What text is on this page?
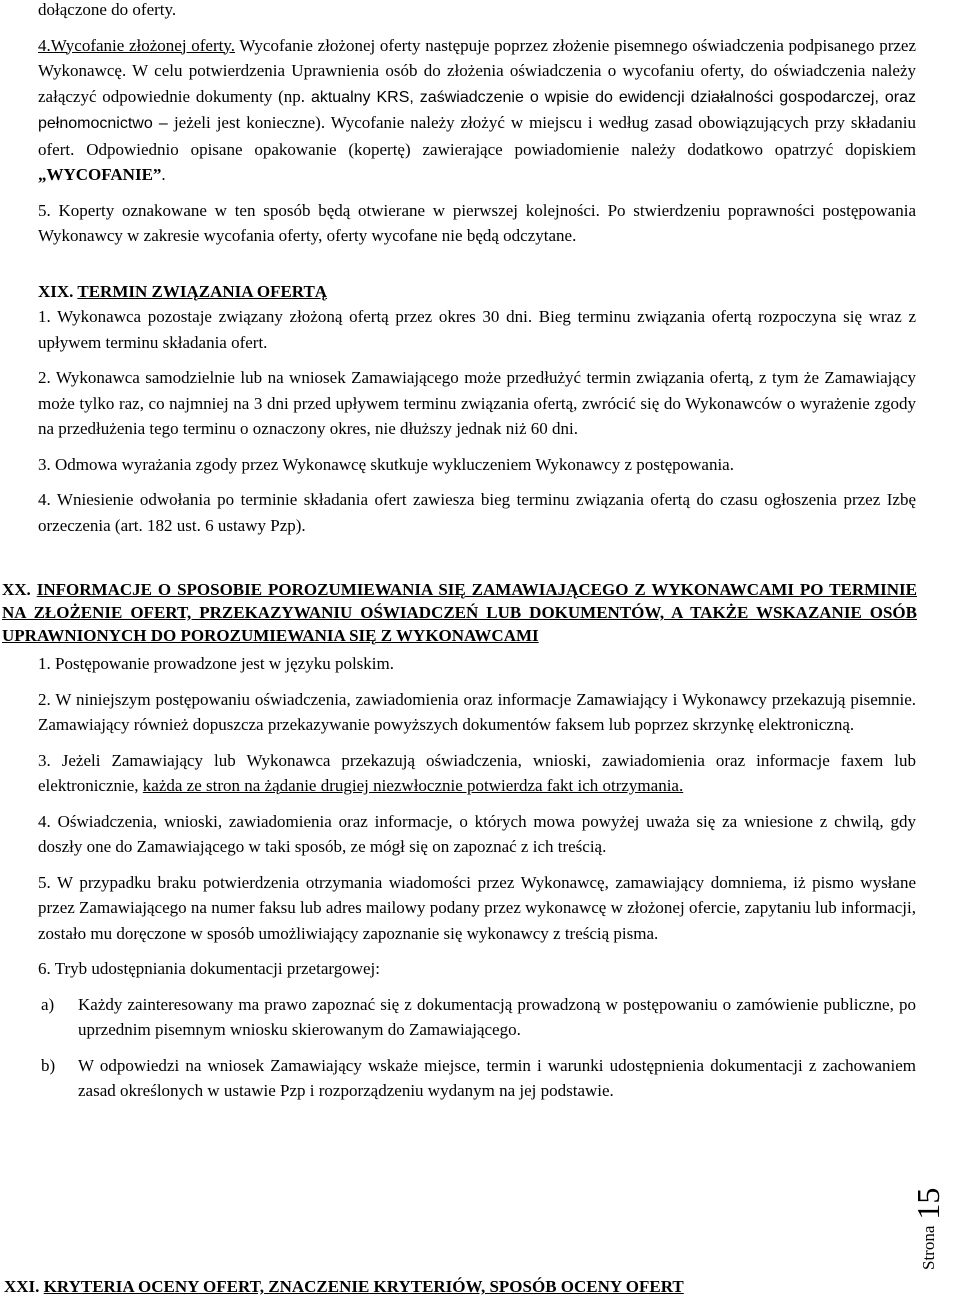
dołączone do oferty.

4.Wycofanie złożonej oferty. Wycofanie złożonej oferty następuje poprzez złożenie pisemnego oświadczenia podpisanego przez Wykonawcę. W celu potwierdzenia Uprawnienia osób do złożenia oświadczenia o wycofaniu oferty, do oświadczenia należy załączyć odpowiednie dokumenty (np. aktualny KRS, zaświadczenie o wpisie do ewidencji działalności gospodarczej, oraz pełnomocnictwo – jeżeli jest konieczne). Wycofanie należy złożyć w miejscu i według zasad obowiązujących przy składaniu ofert. Odpowiednio opisane opakowanie (kopertę) zawierające powiadomienie należy dodatkowo opatrzyć dopiskiem „WYCOFANIE”.

5. Koperty oznakowane w ten sposób będą otwierane w pierwszej kolejności. Po stwierdzeniu poprawności postępowania Wykonawcy w zakresie wycofania oferty, oferty wycofane nie będą odczytane.

XIX. TERMIN ZWIĄZANIA OFERTĄ

1. Wykonawca pozostaje związany złożoną ofertą przez okres 30 dni. Bieg terminu związania ofertą rozpoczyna się wraz z upływem terminu składania ofert.

2. Wykonawca samodzielnie lub na wniosek Zamawiającego może przedłużyć termin związania ofertą, z tym że Zamawiający może tylko raz, co najmniej na 3 dni przed upływem terminu związania ofertą, zwrócić się do Wykonawców o wyrażenie zgody na przedłużenia tego terminu o oznaczony okres, nie dłuższy jednak niż 60 dni.

3. Odmowa wyrażania zgody przez Wykonawcę skutkuje wykluczeniem Wykonawcy z postępowania.

4. Wniesienie odwołania po terminie składania ofert zawiesza bieg terminu związania ofertą do czasu ogłoszenia przez Izbę orzeczenia (art. 182 ust. 6 ustawy Pzp).

XX. INFORMACJE O SPOSOBIE POROZUMIEWANIA SIĘ ZAMAWIAJĄCEGO Z WYKONAWCAMI PO TERMINIE NA ZŁOŻENIE OFERT, PRZEKAZYWANIU OŚWIADCZEŃ LUB DOKUMENTÓW, A TAKŻE WSKAZANIE OSÓB UPRAWNIONYCH DO POROZUMIEWANIA SIĘ Z WYKONAWCAMI

1. Postępowanie prowadzone jest w języku polskim.

2. W niniejszym postępowaniu oświadczenia, zawiadomienia oraz informacje Zamawiający i Wykonawcy przekazują pisemnie. Zamawiający również dopuszcza przekazywanie powyższych dokumentów faksem lub poprzez skrzynkę elektroniczną.

3. Jeżeli Zamawiający lub Wykonawca przekazują oświadczenia, wnioski, zawiadomienia oraz informacje faxem lub elektronicznie, każda ze stron na żądanie drugiej niezwłocznie potwierdza fakt ich otrzymania.

4. Oświadczenia, wnioski, zawiadomienia oraz informacje, o których mowa powyżej uważa się za wniesione z chwilą, gdy doszły one do Zamawiającego w taki sposób, ze mógł się on zapoznać z ich treścią.

5. W przypadku braku potwierdzenia otrzymania wiadomości przez Wykonawcę, zamawiający domniema, iż pismo wysłane przez Zamawiającego na numer faksu lub adres mailowy podany przez wykonawcę w złożonej ofercie, zapytaniu lub informacji, zostało mu doręczone w sposób umożliwiający zapoznanie się wykonawcy z treścią pisma.

6. Tryb udostępniania dokumentacji przetargowej:

a) Każdy zainteresowany ma prawo zapoznać się z dokumentacją prowadzoną w postępowaniu o zamówienie publiczne, po uprzednim pisemnym wniosku skierowanym do Zamawiającego.

b) W odpowiedzi na wniosek Zamawiający wskaże miejsce, termin i warunki udostępnienia dokumentacji z zachowaniem zasad określonych w ustawie Pzp i rozporządzeniu wydanym na jej podstawie.

XXI. KRYTERIA OCENY OFERT, ZNACZENIE KRYTERIÓW, SPOSÓB OCENY OFERT
Strona15
